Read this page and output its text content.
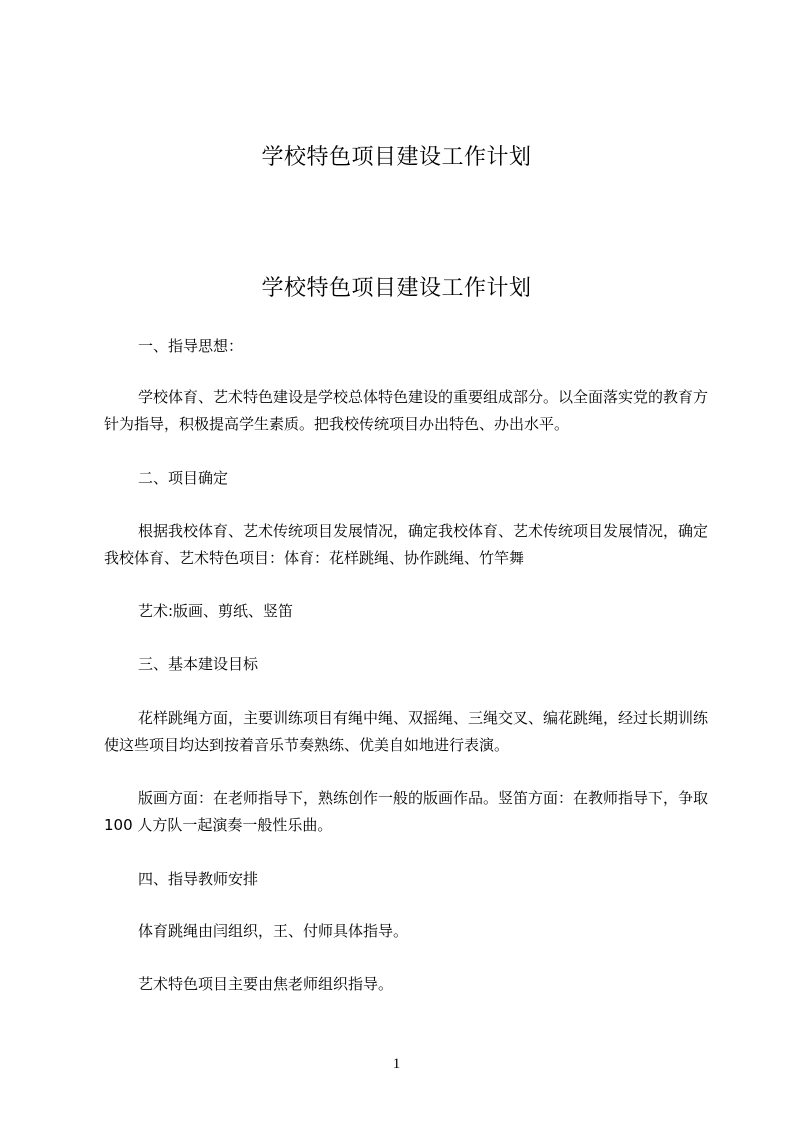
学校特色项目建设工作计划
学校特色项目建设工作计划
一、指导思想：
学校体育、艺术特色建设是学校总体特色建设的重要组成部分。以全面落实党的教育方针为指导，积极提高学生素质。把我校传统项目办出特色、办出水平。
二、项目确定
根据我校体育、艺术传统项目发展情况，确定我校体育、艺术传统项目发展情况，确定我校体育、艺术特色项目：体育：花样跳绳、协作跳绳、竹竿舞
艺术:版画、剪纸、竖笛
三、基本建设目标
花样跳绳方面，主要训练项目有绳中绳、双摇绳、三绳交叉、编花跳绳，经过长期训练使这些项目均达到按着音乐节奏熟练、优美自如地进行表演。
版画方面：在老师指导下，熟练创作一般的版画作品。竖笛方面：在教师指导下，争取 100 人方队一起演奏一般性乐曲。
四、指导教师安排
体育跳绳由闫组织，王、付师具体指导。
艺术特色项目主要由焦老师组织指导。
1
